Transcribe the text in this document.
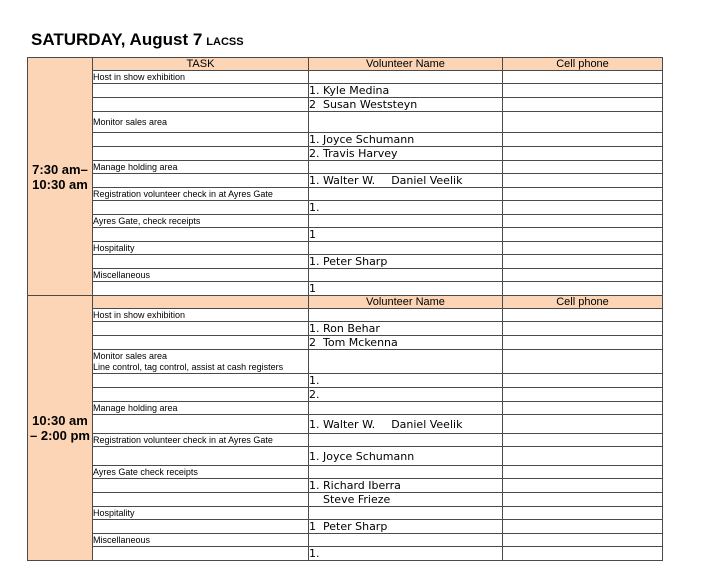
SATURDAY, August 7 LACSS
7:30 am–
10:30 am	TASK	Volunteer Name	Cell phone
	Host in show exhibition		
		1. Kyle Medina	
		2 Susan Weststeyn	
	Monitor sales area		
		1. Joyce Schumann	
		2. Travis Harvey	
	Manage holding area		
		1. Walter W. Daniel Veelik	
	Registration volunteer check in at Ayres Gate		
		1.	
	Ayres Gate, check receipts		
		1	
	Hospitality		
		1. Peter Sharp	
	Miscellaneous		
		1	
10:30 am
– 2:00 pm		Volunteer Name	Cell phone
	Host in show exhibition		
		1. Ron Behar	
		2 Tom Mckenna	
	Monitor sales area
Line control, tag control, assist at cash registers		
		1.	
		2.	
	Manage holding area		
		1. Walter W. Daniel Veelik	
	Registration volunteer check in at Ayres Gate		
		1. Joyce Schumann	
	Ayres Gate check receipts		
		1. Richard Iberra	
		Steve Frieze	
	Hospitality		
		1 Peter Sharp	
	Miscellaneous		
		1.	
